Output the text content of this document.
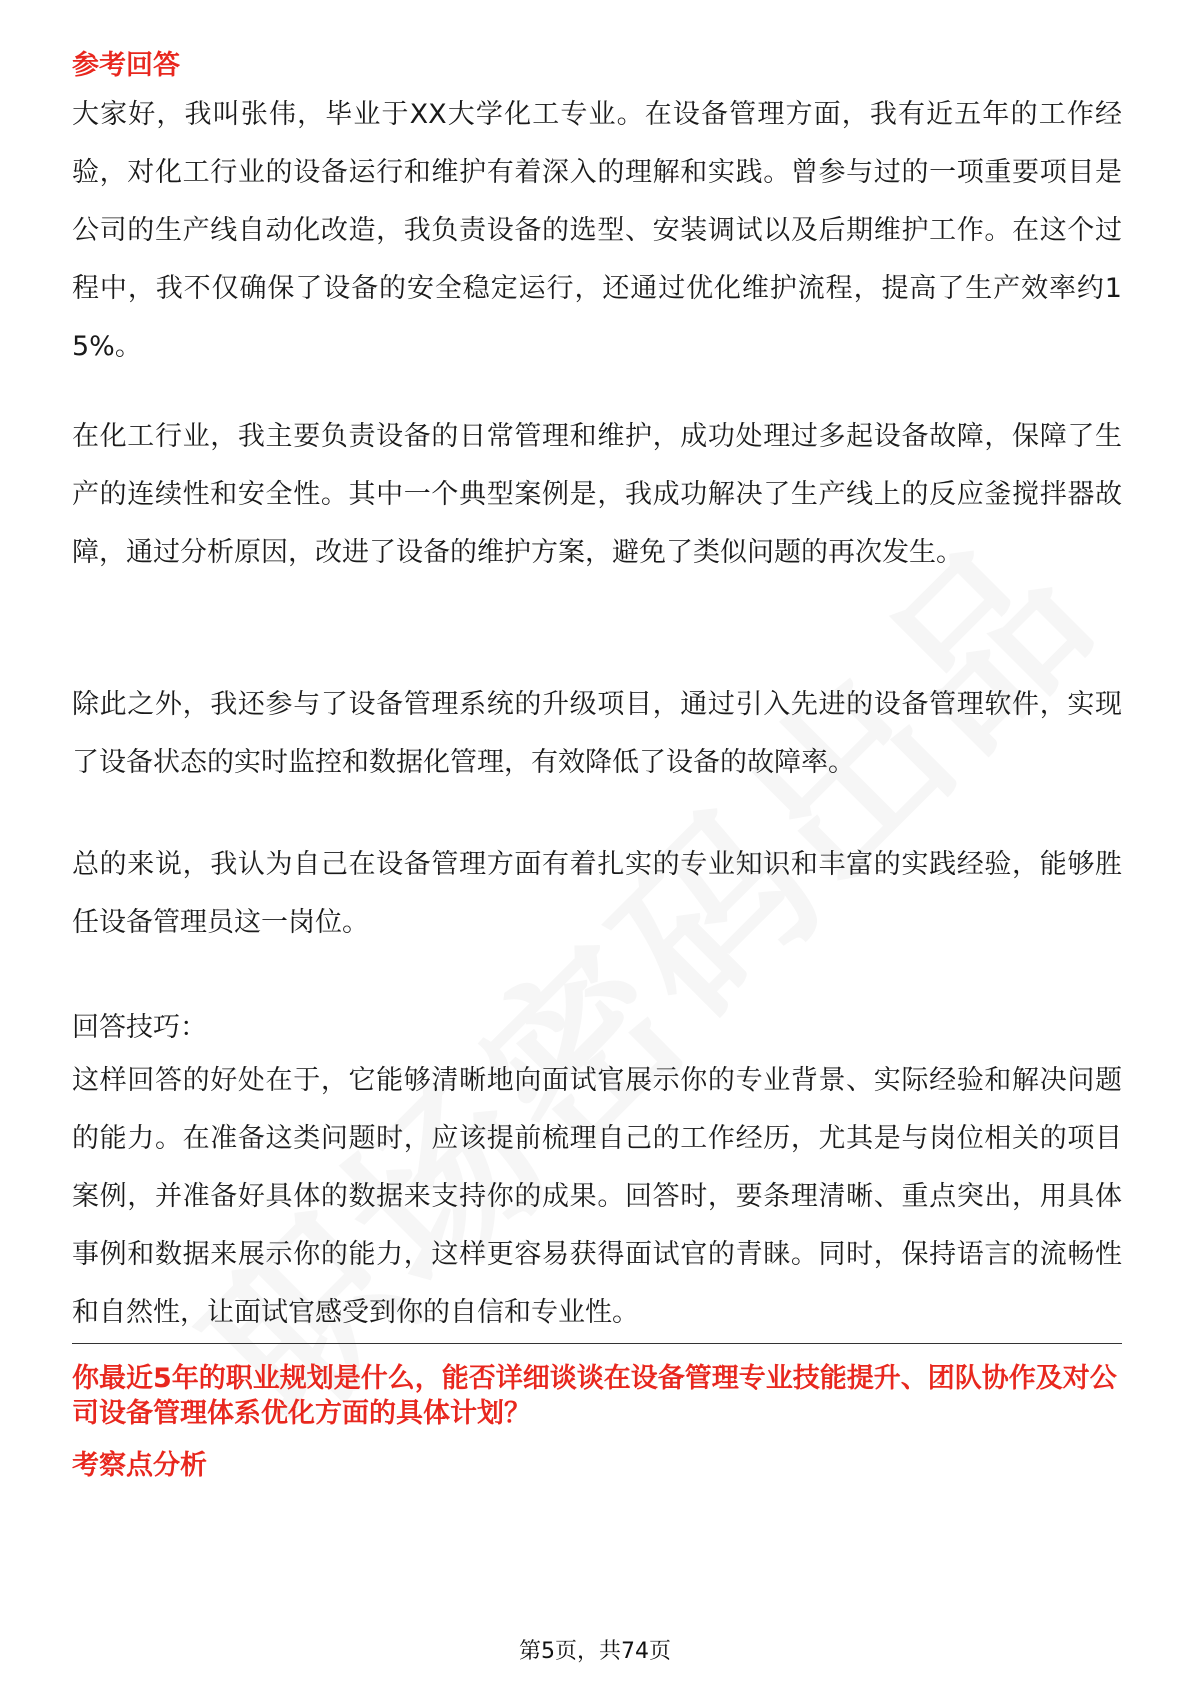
参考回答

大家好，我叫张伟，毕业于XX大学化工专业。在设备管理方面，我有近五年的工作经验，对化工行业的设备运行和维护有着深入的理解和实践。曾参与过的一项重要项目是公司的生产线自动化改造，我负责设备的选型、安装调试以及后期维护工作。在这个过程中，我不仅确保了设备的安全稳定运行，还通过优化维护流程，提高了生产效率约15%。

在化工行业，我主要负责设备的日常管理和维护，成功处理过多起设备故障，保障了生产的连续性和安全性。其中一个典型案例是，我成功解决了生产线上的反应釜搅拌器故障，通过分析原因，改进了设备的维护方案，避免了类似问题的再次发生。

除此之外，我还参与了设备管理系统的升级项目，通过引入先进的设备管理软件，实现了设备状态的实时监控和数据化管理，有效降低了设备的故障率。

总的来说，我认为自己在设备管理方面有着扎实的专业知识和丰富的实践经验，能够胜任设备管理员这一岗位。

回答技巧：

这样回答的好处在于，它能够清晰地向面试官展示你的专业背景、实际经验和解决问题的能力。在准备这类问题时，应该提前梳理自己的工作经历，尤其是与岗位相关的项目案例，并准备好具体的数据来支持你的成果。回答时，要条理清晰、重点突出，用具体事例和数据来展示你的能力，这样更容易获得面试官的青睐。同时，保持语言的流畅性和自然性，让面试官感受到你的自信和专业性。

你最近5年的职业规划是什么，能否详细谈谈在设备管理专业技能提升、团队协作及对公司设备管理体系优化方面的具体计划？

考察点分析
第5页，共74页
